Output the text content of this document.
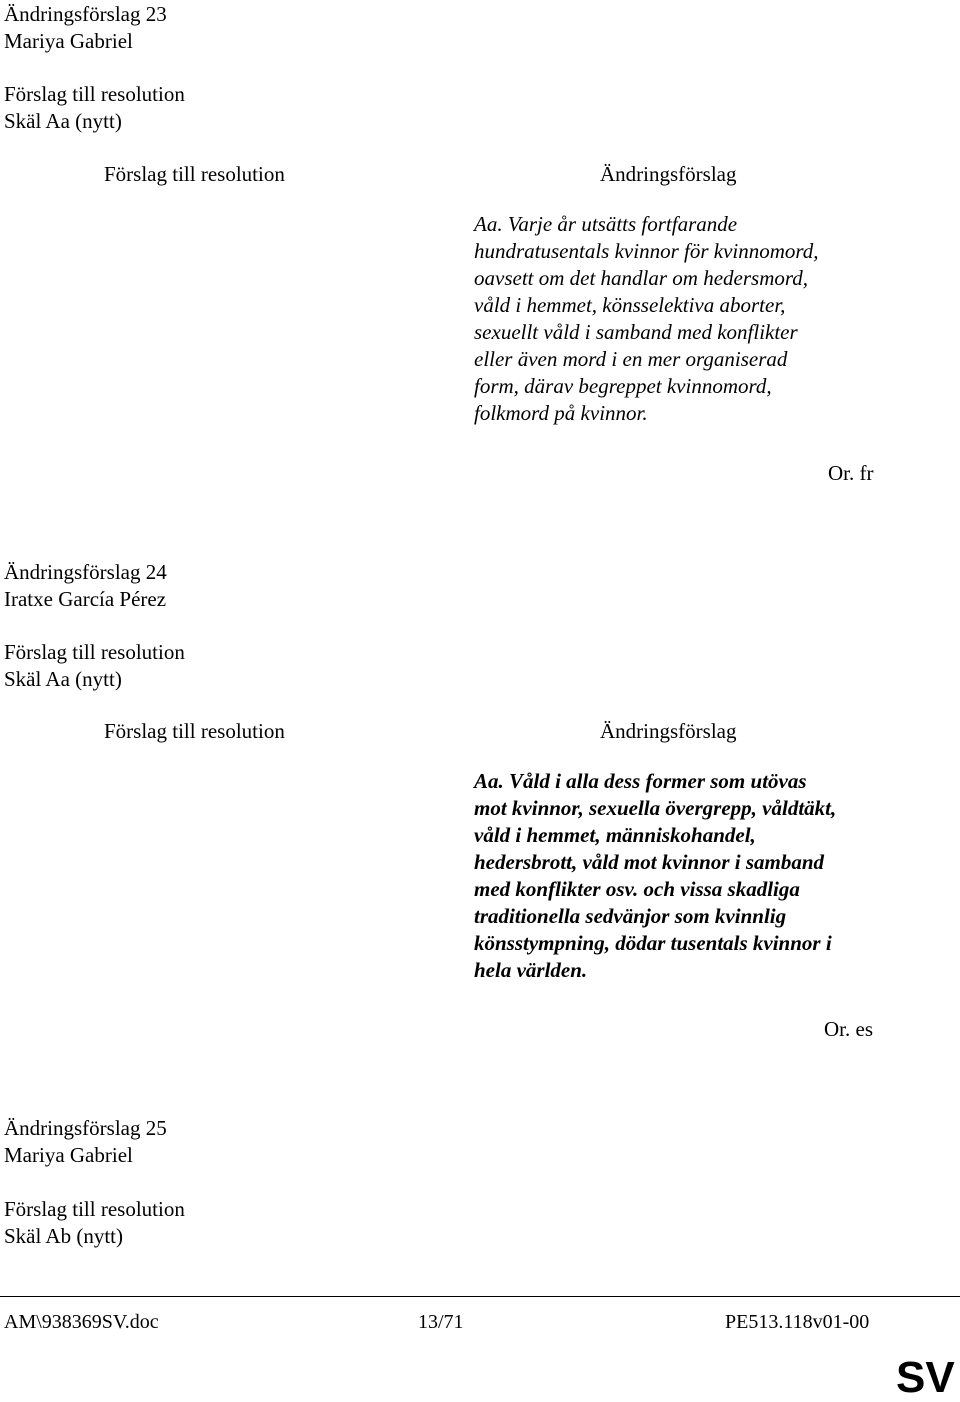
Ändringsförslag 23
Mariya Gabriel
Förslag till resolution
Skäl Aa (nytt)
Förslag till resolution	Ändringsförslag

Aa. Varje år utsätts fortfarande

hundratusentals kvinnor för kvinnomord,

oavsett om det handlar om hedersmord,

våld i hemmet, könsselektiva aborter,

sexuellt våld i samband med konflikter

eller även mord i en mer organiserad

form, därav begreppet kvinnomord,

folkmord på kvinnor.

Or. fr
Ändringsförslag 24
Iratxe García Pérez
Förslag till resolution
Skäl Aa (nytt)
Förslag till resolution	Ändringsförslag

Aa. Våld i alla dess former som utövas

mot kvinnor, sexuella övergrepp, våldtäkt,

våld i hemmet, människohandel,

hedersbrott, våld mot kvinnor i samband

med konflikter osv. och vissa skadliga

traditionella sedvänjor som kvinnlig

könsstympning, dödar tusentals kvinnor i

hela världen.

Or. es
Ändringsförslag 25
Mariya Gabriel
Förslag till resolution
Skäl Ab (nytt)
AM\938369SV.doc	13/71	PE513.118v01-00
SV
